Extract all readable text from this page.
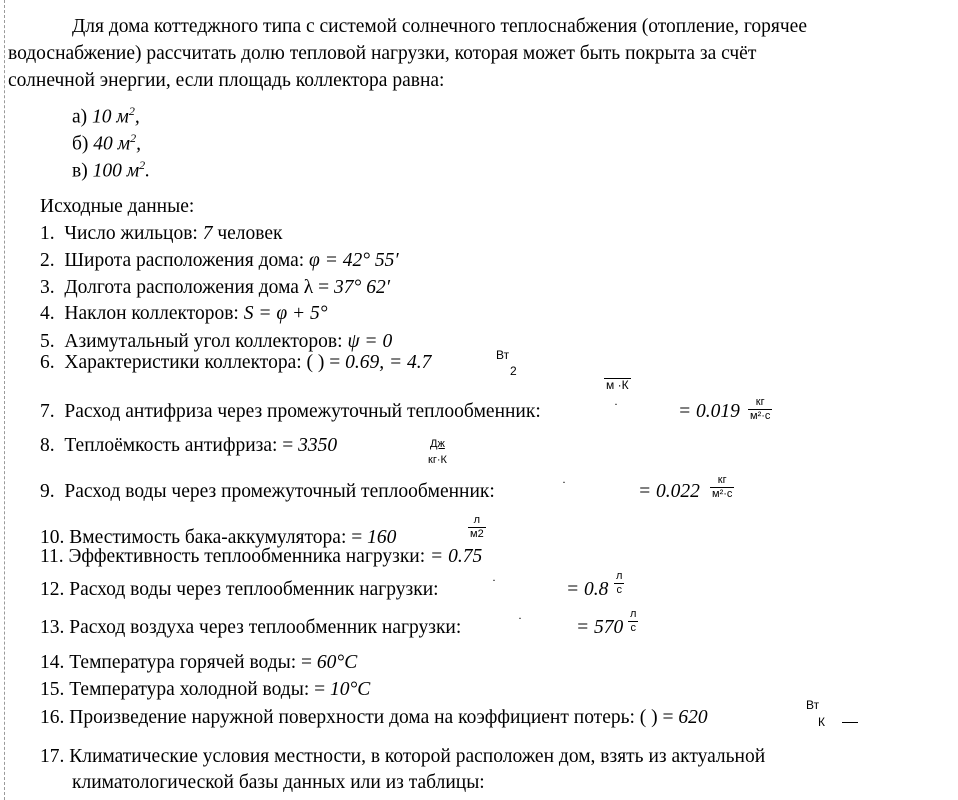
Для дома коттеджного типа с системой солнечного теплоснабжения (отопление, горячее
водоснабжение) рассчитать долю тепловой нагрузки, которая может быть покрыта за счёт
солнечной энергии, если площадь коллектора равна:
а) 10 $м^2$,
б) 40 $м^2$,
в) 100 $м^2$.
Исходные данные:
1. Число жильцов: 7 человек
2. Широта расположения дома: φ = 42° 55′
3. Долгота расположения дома λ = 37° 62′
4. Наклон коллекторов: S = φ + 5°
5. Азимутальный угол коллекторов: ψ = 0
6. Характеристики коллектора: ( ) = 0.69, = 4.7	Вт
2
м ·К
7. Расход антифриза через промежуточный теплообменник:	·	= 0.019	кг
м²·с
8. Теплоёмкость антифриза: = 3350	Дж
кг·К
9. Расход воды через промежуточный теплообменник:	·	= 0.022
кг
м²·с
10. Вместимость бака-аккумулятора: = 160
л
м2
11. Эффективность теплообменника нагрузки: = 0.75
12. Расход воды через теплообменник нагрузки:	·	= 0.8
л
с
13. Расход воздуха через теплообменник нагрузки:	·	= 570
л
с
14. Температура горячей воды: = 60°C
15. Температура холодной воды: = 10°C
16. Произведение наружной поверхности дома на коэффициент потерь: ( ) = 620
Вт
К
17. Климатические условия местности, в которой расположен дом, взять из актуальной
климатологической базы данных или из таблицы:
